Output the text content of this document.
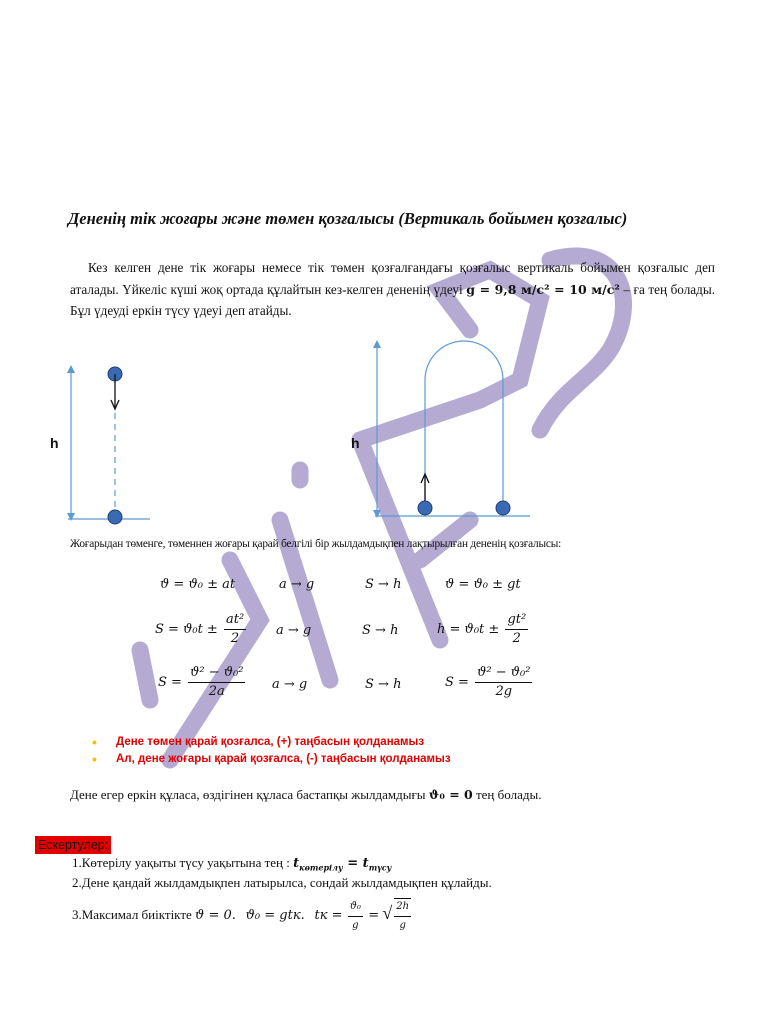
Дененің тік жоғары және төмен қозғалысы (Вертикаль бойымен қозғалыс)
Кез келген дене тік жоғары немесе тік төмен қозғалғандағы қозғалыс вертикаль бойымен қозғалыс деп аталады. Үйкеліс күші жоқ ортада құлайтын кез-келген дененің үдеуі g = 9,8 м/с² = 10 м/с² – ға тең болады. Бұл үдеуді еркін түсу үдеуі деп атайды.
h	h
Жоғарыдан төменге, төменнен жоғары қарай белгілі бір жылдамдықпен лақтырылған дененің қозғалысы:
ϑ = ϑ₀ ± at	a → g	S → h	ϑ = ϑ₀ ± gt
$S = ϑ_0t \pm \frac{\text{at²}}{2}$ a → g	S → h	$h = ϑ_0t \pm \frac{\text{gt²}}{2}$
$S = \frac{\text{ϑ² − ϑ₀²}}{2a}$ a → g	S → h	$S = \frac{\text{ϑ² − ϑ₀²}}{2g}$
• Дене төмен қарай қозғалса, (+) таңбасын қолданамыз
• Ал, дене жоғары қарай қозғалса, (-) таңбасын қолданамыз
Дене егер еркін құласа, өздігінен құласа бастапқы жылдамдығы ϑ₀ = 0 тең болады.
Ескертулер:
1.Көтерілу уақыты түсу уақытына тең : $t_{көтерілу} = t_{түсу}$
2.Дене қандай жылдамдықпен латырылса, сондай жылдамдықпен құлайды.
3.Максимал биіктікте ϑ = 0. ϑ₀ = gtк. tк = $\frac{\text{ϑ₀}}{g}$ = √ $\frac{2h}{g}$
